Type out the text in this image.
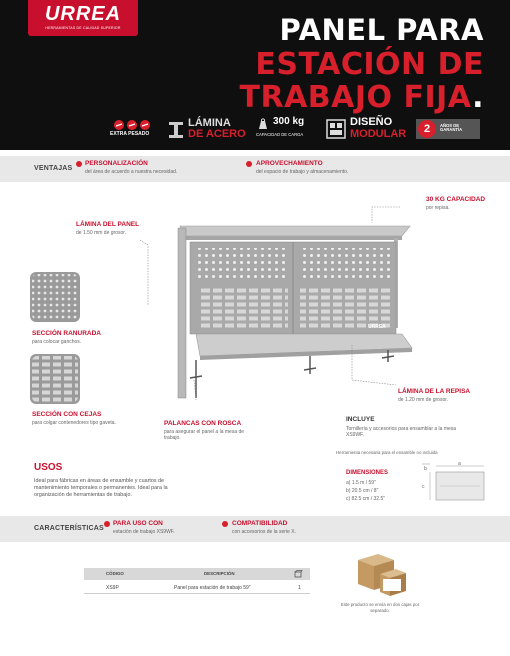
URREA
HERRAMIENTAS DE CALIDAD SUPERIOR	PANEL PARA
ESTACIÓN DE
TRABAJO FIJA.
EXTRA PESADO
LÁMINA
DE ACERO
300 kg
CAPACIDAD DE CARGA
DISEÑO
MODULAR	2	AÑOS DE GARANTÍA
VENTAJAS
PERSONALIZACIÓN
del área de acuerdo a nuestra necesidad.
APROVECHAMIENTO
del espacio de trabajo y almacenamiento.
URREA
LÁMINA DEL PANEL
de 1.50 mm de grosor.
SECCIÓN RANURADA
para colocar ganchos.
SECCIÓN CON CEJAS
para colgar contenedores tipo gaveta.
30 KG CAPACIDAD
por repisa.
PALANCAS CON ROSCA
para asegurar el panel a la mesa de trabajo.
LÁMINA DE LA REPISA
de 1.20 mm de grosor.
INCLUYE
Tornillería y accesorios para ensamblar a la mesa XS9WF.
Herramienta necesaria para el ensamble no incluida
USOS
Ideal para fábricas en áreas de ensamble y cuartos de mantenimiento temporales o permanentes. Ideal para la organización de herramientas de trabajo.
DIMENSIONES
a) 1.5 m / 59"
b) 20.5 cm / 8"
c) 82.5 cm / 32.5"
a
b
c
CARACTERÍSTICAS
PARA USO CON
estación de trabajo XS9WF.
COMPATIBILIDAD
con accesorios de la serie X.
CÓDIGO	DESCRIPCIÓN
XS9P	Panel para estación de trabajo 59"	1
Este producto se envía en dos cajas por separado.
